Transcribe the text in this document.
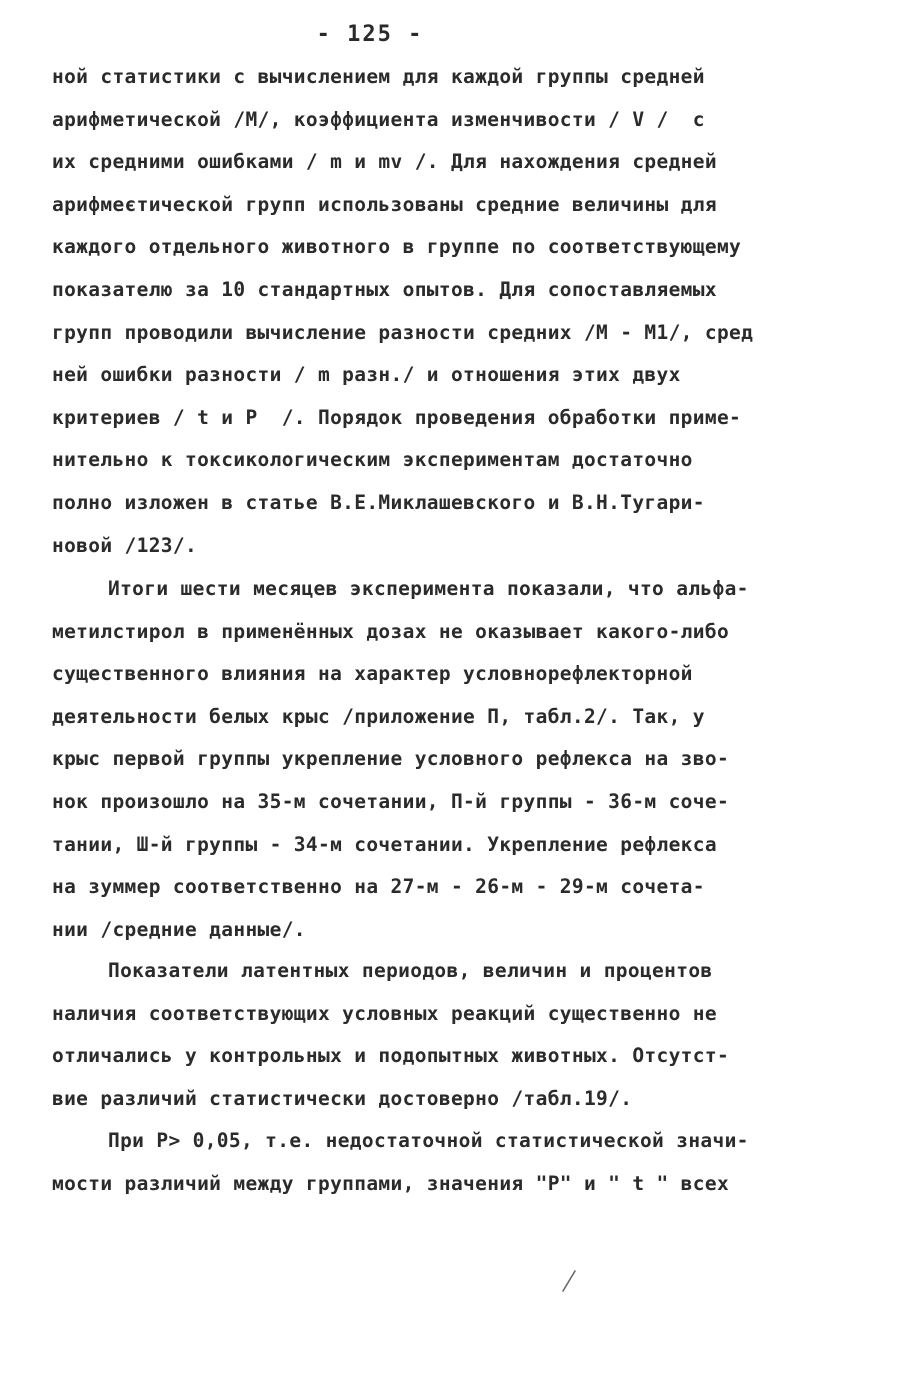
- 125 -
ной статистики с вычислением для каждой группы средней
арифметической /M/, коэффициента изменчивости / V /  с
их средними ошибками / m и mv /. Для нахождения средней
арифмеєтической групп использованы средние величины для
каждого отдельного животного в группе по соответствующему
показателю за 10 стандартных опытов. Для сопоставляемых
групп проводили вычисление разности средних /M - M1/, сред
ней ошибки разности / m разн./ и отношения этих двух
критериев / t и P  /. Порядок проведения обработки приме-
нительно к токсикологическим экспериментам достаточно
полно изложен в статье В.Е.Миклашевского и В.Н.Тугари-
новой /123/.
Итоги шести месяцев эксперимента показали, что альфа-
метилстирол в применённых дозах не оказывает какого-либо
существенного влияния на характер условнорефлекторной
деятельности белых крыс /приложение П, табл.2/. Так, у
крыс первой группы укрепление условного рефлекса на зво-
нок произошло на 35-м сочетании, П-й группы - 36-м соче-
тании, Ш-й группы - 34-м сочетании. Укрепление рефлекса
на зуммер соответственно на 27-м - 26-м - 29-м сочета-
нии /средние данные/.
Показатели латентных периодов, величин и процентов
наличия соответствующих условных реакций существенно не
отличались у контрольных и подопытных животных. Отсутст-
вие различий статистически достоверно /табл.19/.
При P> 0,05, т.е. недостаточной статистической значи-
мости различий между группами, значения "P" и " t " всех
